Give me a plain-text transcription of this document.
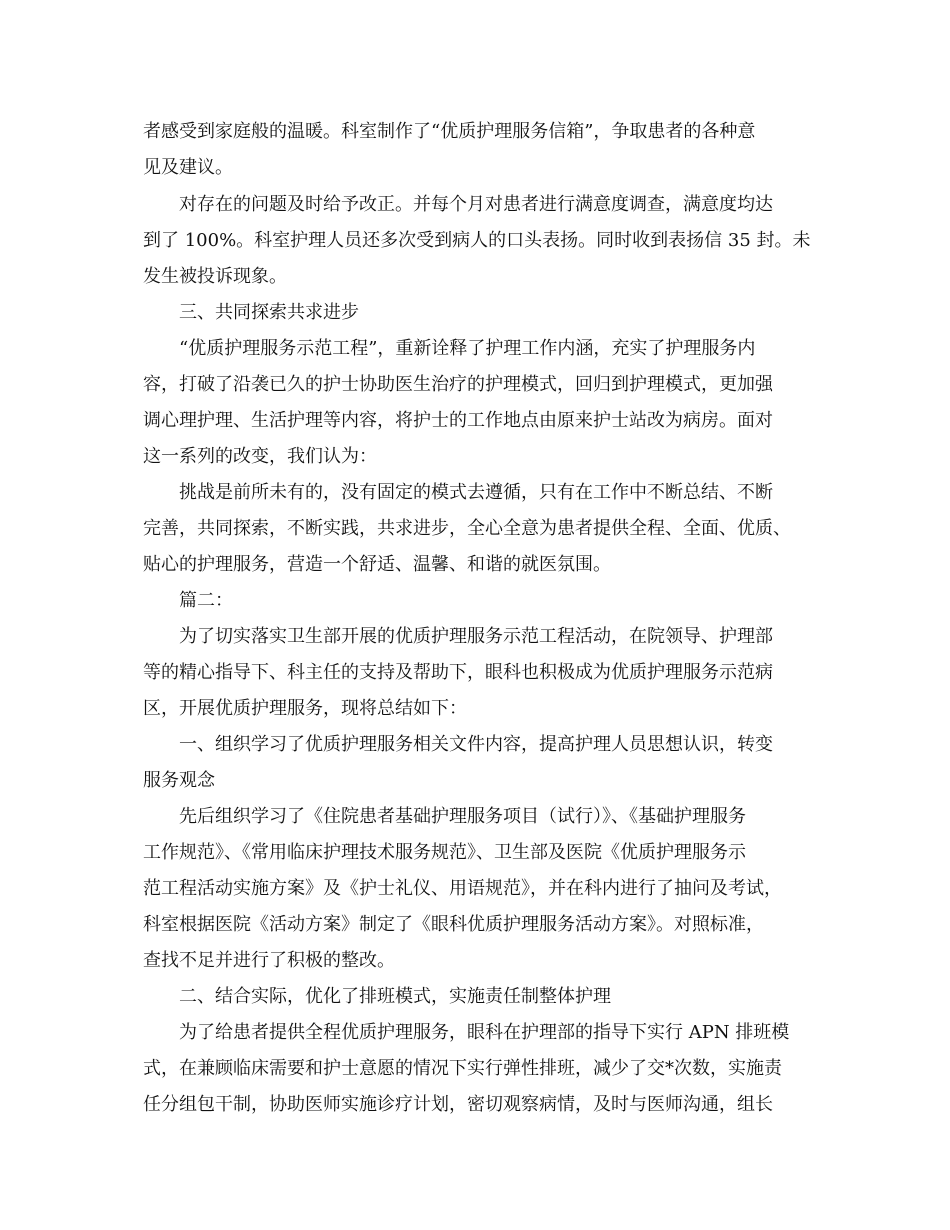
者感受到家庭般的温暖。科室制作了“优质护理服务信箱”，争取患者的各种意
见及建议。
对存在的问题及时给予改正。并每个月对患者进行满意度调查，满意度均达
到了 100%。科室护理人员还多次受到病人的口头表扬。同时收到表扬信 35 封。未
发生被投诉现象。
三、共同探索共求进步
“优质护理服务示范工程”，重新诠释了护理工作内涵，充实了护理服务内
容，打破了沿袭已久的护士协助医生治疗的护理模式，回归到护理模式，更加强
调心理护理、生活护理等内容，将护士的工作地点由原来护士站改为病房。面对
这一系列的改变，我们认为：
挑战是前所未有的，没有固定的模式去遵循，只有在工作中不断总结、不断
完善，共同探索，不断实践，共求进步，全心全意为患者提供全程、全面、优质、
贴心的护理服务，营造一个舒适、温馨、和谐的就医氛围。
篇二：
为了切实落实卫生部开展的优质护理服务示范工程活动，在院领导、护理部
等的精心指导下、科主任的支持及帮助下，眼科也积极成为优质护理服务示范病
区，开展优质护理服务，现将总结如下：
一、组织学习了优质护理服务相关文件内容，提高护理人员思想认识，转变
服务观念
先后组织学习了《住院患者基础护理服务项目（试行）》、《基础护理服务
工作规范》、《常用临床护理技术服务规范》、卫生部及医院《优质护理服务示
范工程活动实施方案》及《护士礼仪、用语规范》，并在科内进行了抽问及考试，
科室根据医院《活动方案》制定了《眼科优质护理服务活动方案》。对照标准，
查找不足并进行了积极的整改。
二、结合实际，优化了排班模式，实施责任制整体护理
为了给患者提供全程优质护理服务，眼科在护理部的指导下实行 APN 排班模
式，在兼顾临床需要和护士意愿的情况下实行弹性排班，减少了交*次数，实施责
任分组包干制，协助医师实施诊疗计划，密切观察病情，及时与医师沟通，组长
